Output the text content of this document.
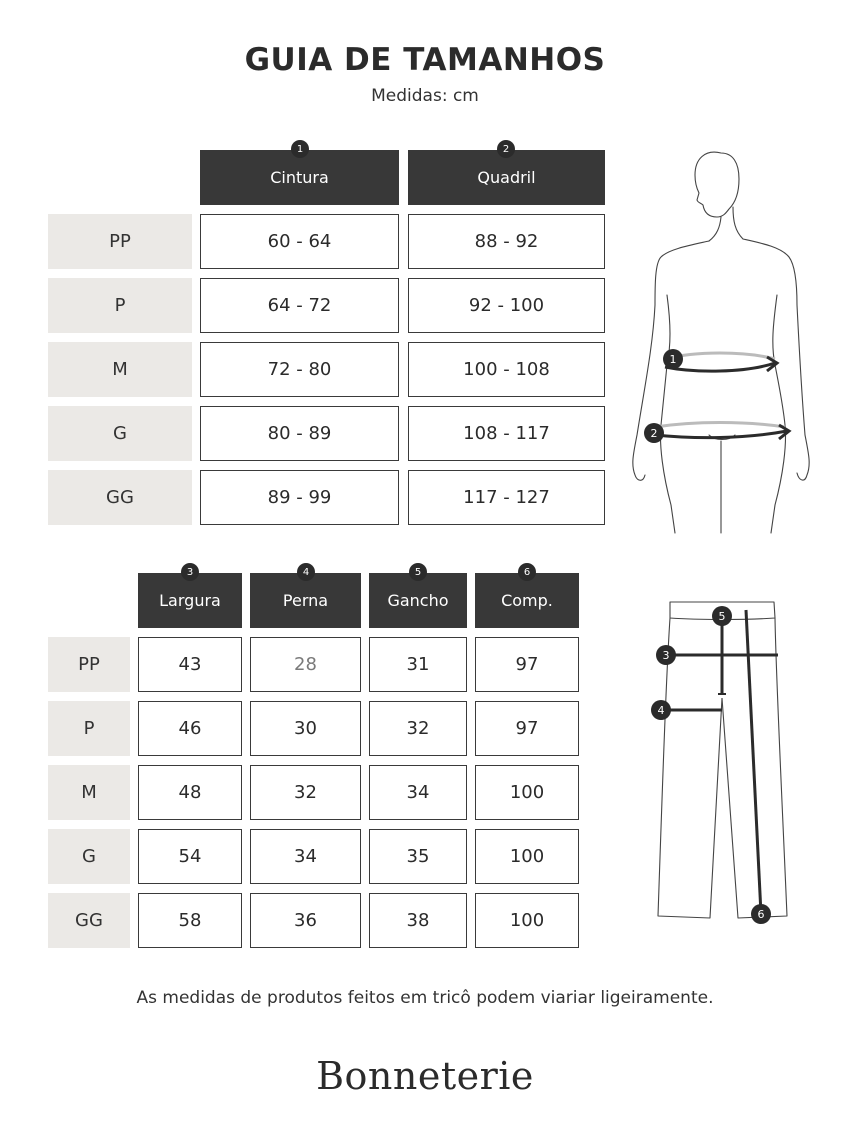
GUIA DE TAMANHOS
Medidas: cm
Cintura
1
Quadril
2
PP	60 - 64	88 - 92
P	64 - 72	92 - 100
M	72 - 80	100 - 108
G	80 - 89	108 - 117
GG	89 - 99	117 - 127
1
2
Largura
3
Perna
4
Gancho
5
Comp.
6
PP	43	28	31	97
P	46	30	32	97
M	48	32	34	100
G	54	34	35	100
GG	58	36	38	100
5
3
4
6
As medidas de produtos feitos em tricô podem viariar ligeiramente.
Bonneterie
